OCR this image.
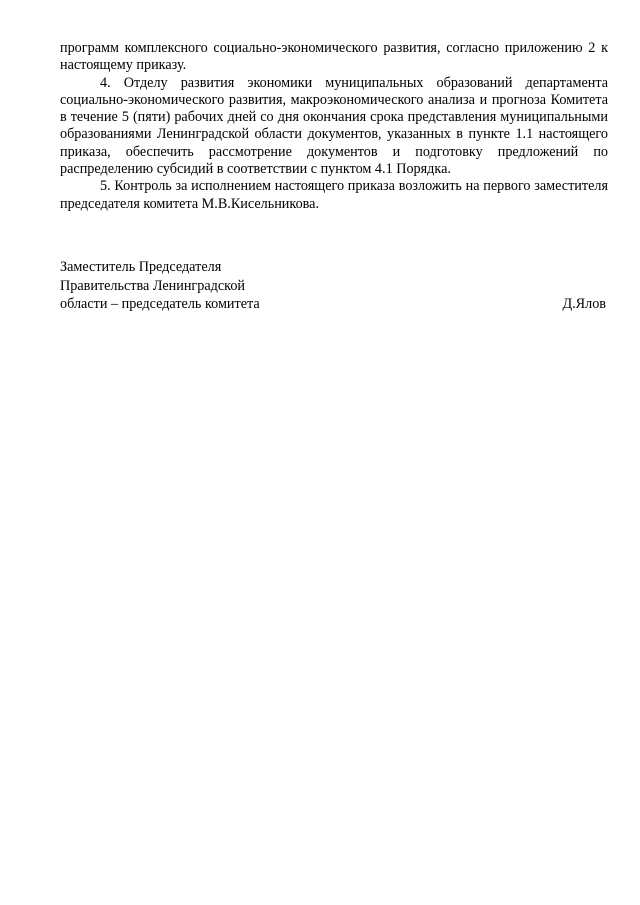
программ комплексного социально-экономического развития, согласно приложению 2 к настоящему приказу.

4. Отделу развития экономики муниципальных образований департамента социально-экономического развития, макроэкономического анализа и прогноза Комитета в течение 5 (пяти) рабочих дней со дня окончания срока представления муниципальными образованиями Ленинградской области документов, указанных в пункте 1.1 настоящего приказа, обеспечить рассмотрение документов и подготовку предложений по распределению субсидий в соответствии с пунктом 4.1 Порядка.

5. Контроль за исполнением настоящего приказа возложить на первого заместителя председателя комитета М.В.Кисельникова.

Заместитель Председателя
Правительства Ленинградской
области – председатель комитета	Д.Ялов
